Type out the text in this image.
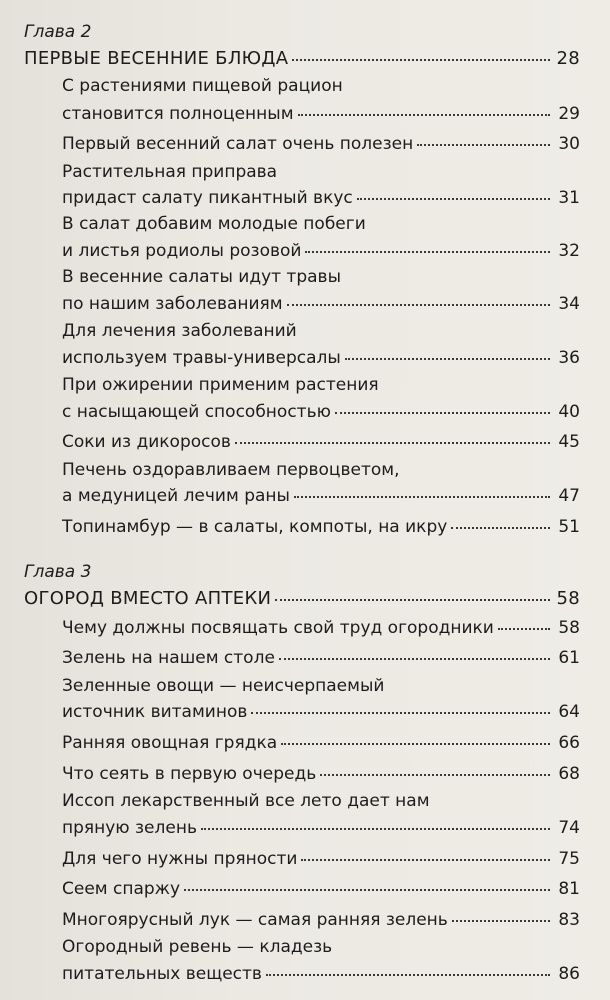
Глава 2
ПЕРВЫЕ ВЕСЕННИЕ БЛЮДА	28
С растениями пищевой рацион
становится полноценным	29
Первый весенний салат очень полезен	30
Растительная приправа
придаст салату пикантный вкус	31
В салат добавим молодые побеги
и листья родиолы розовой	32
В весенние салаты идут травы
по нашим заболеваниям	34
Для лечения заболеваний
используем травы-универсалы	36
При ожирении применим растения
с насыщающей способностью	40
Соки из дикоросов	45
Печень оздоравливаем первоцветом,
а медуницей лечим раны	47
Топинамбур — в салаты, компоты, на икру	51
Глава 3
ОГОРОД ВМЕСТО АПТЕКИ	58
Чему должны посвящать свой труд огородники	58
Зелень на нашем столе	61
Зеленные овощи — неисчерпаемый
источник витаминов	64
Ранняя овощная грядка	66
Что сеять в первую очередь	68
Иссоп лекарственный все лето дает нам
пряную зелень	74
Для чего нужны пряности	75
Сеем спаржу	81
Многоярусный лук — самая ранняя зелень	83
Огородный ревень — кладезь
питательных веществ	86
